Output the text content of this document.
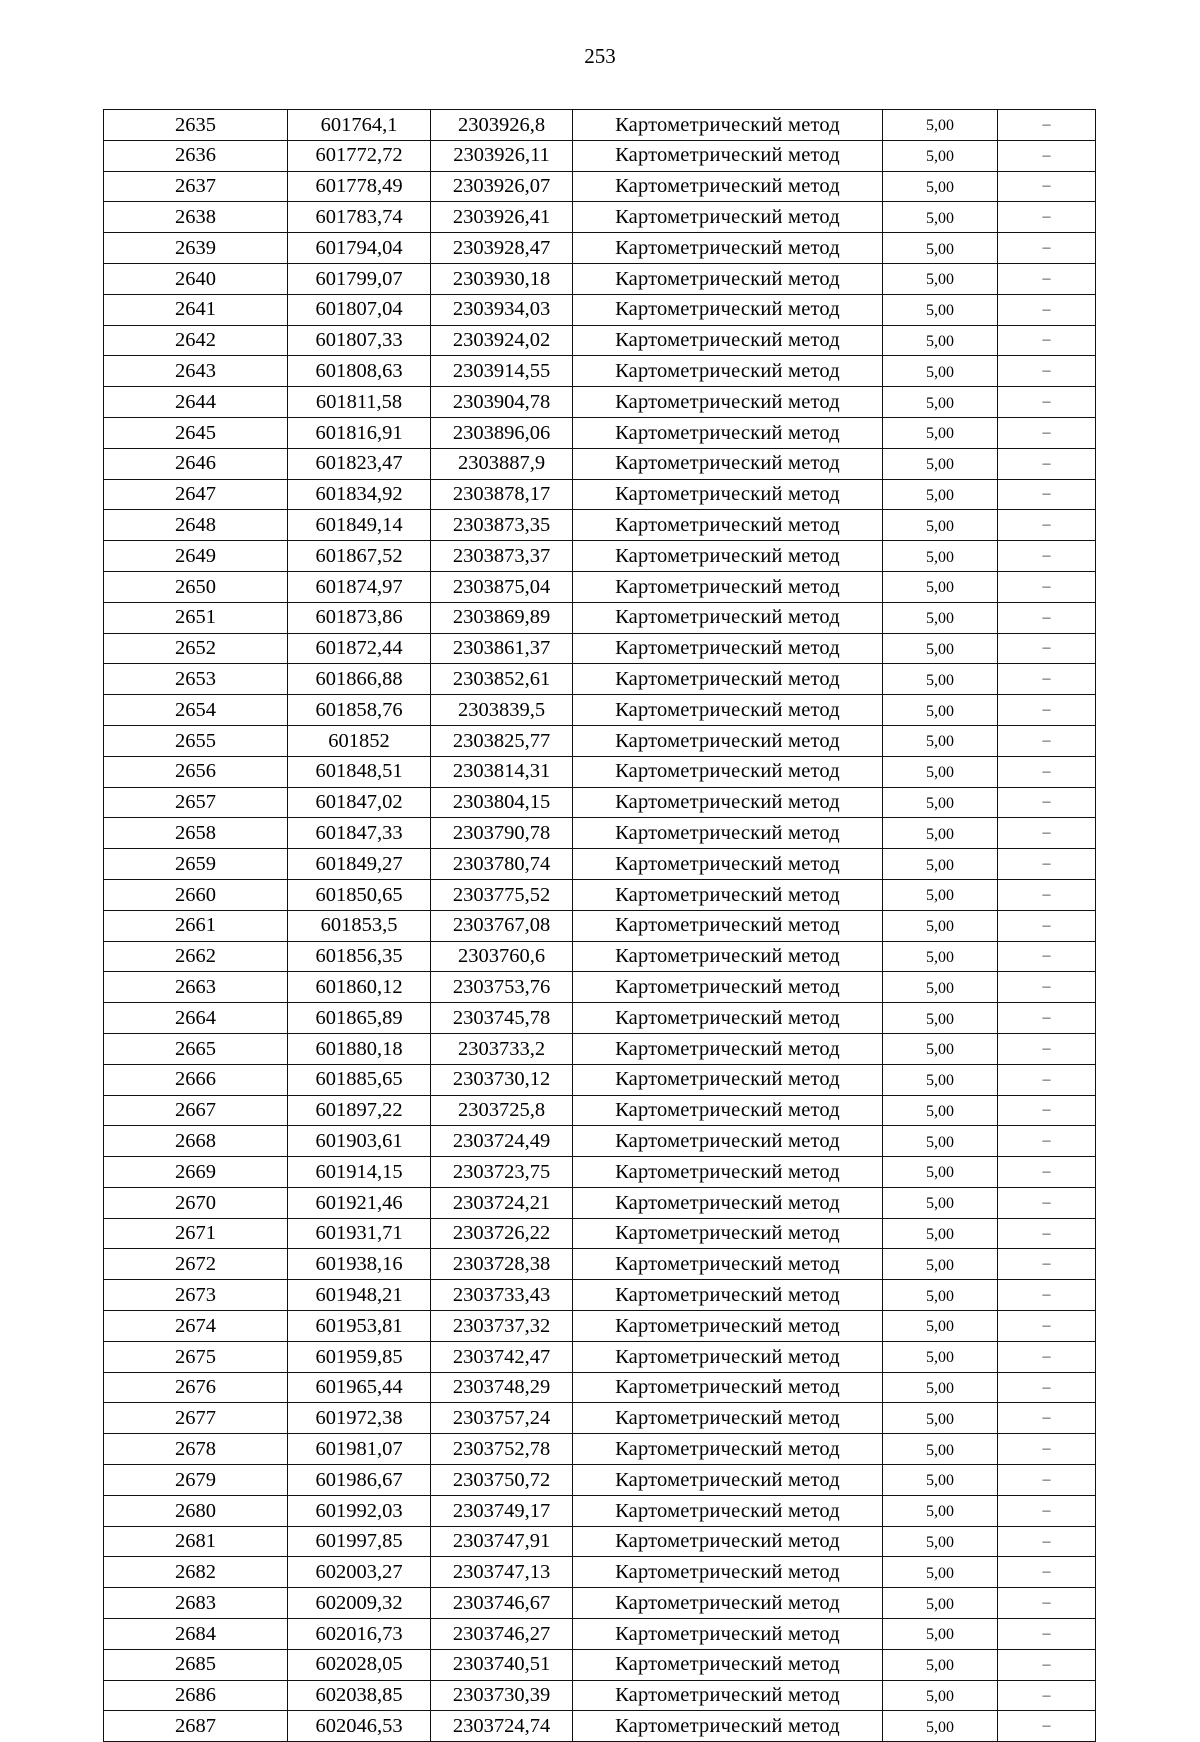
253
2635	601764,1	2303926,8	Картометрический метод	5,00	–
2636	601772,72	2303926,11	Картометрический метод	5,00	–
2637	601778,49	2303926,07	Картометрический метод	5,00	–
2638	601783,74	2303926,41	Картометрический метод	5,00	–
2639	601794,04	2303928,47	Картометрический метод	5,00	–
2640	601799,07	2303930,18	Картометрический метод	5,00	–
2641	601807,04	2303934,03	Картометрический метод	5,00	–
2642	601807,33	2303924,02	Картометрический метод	5,00	–
2643	601808,63	2303914,55	Картометрический метод	5,00	–
2644	601811,58	2303904,78	Картометрический метод	5,00	–
2645	601816,91	2303896,06	Картометрический метод	5,00	–
2646	601823,47	2303887,9	Картометрический метод	5,00	–
2647	601834,92	2303878,17	Картометрический метод	5,00	–
2648	601849,14	2303873,35	Картометрический метод	5,00	–
2649	601867,52	2303873,37	Картометрический метод	5,00	–
2650	601874,97	2303875,04	Картометрический метод	5,00	–
2651	601873,86	2303869,89	Картометрический метод	5,00	–
2652	601872,44	2303861,37	Картометрический метод	5,00	–
2653	601866,88	2303852,61	Картометрический метод	5,00	–
2654	601858,76	2303839,5	Картометрический метод	5,00	–
2655	601852	2303825,77	Картометрический метод	5,00	–
2656	601848,51	2303814,31	Картометрический метод	5,00	–
2657	601847,02	2303804,15	Картометрический метод	5,00	–
2658	601847,33	2303790,78	Картометрический метод	5,00	–
2659	601849,27	2303780,74	Картометрический метод	5,00	–
2660	601850,65	2303775,52	Картометрический метод	5,00	–
2661	601853,5	2303767,08	Картометрический метод	5,00	–
2662	601856,35	2303760,6	Картометрический метод	5,00	–
2663	601860,12	2303753,76	Картометрический метод	5,00	–
2664	601865,89	2303745,78	Картометрический метод	5,00	–
2665	601880,18	2303733,2	Картометрический метод	5,00	–
2666	601885,65	2303730,12	Картометрический метод	5,00	–
2667	601897,22	2303725,8	Картометрический метод	5,00	–
2668	601903,61	2303724,49	Картометрический метод	5,00	–
2669	601914,15	2303723,75	Картометрический метод	5,00	–
2670	601921,46	2303724,21	Картометрический метод	5,00	–
2671	601931,71	2303726,22	Картометрический метод	5,00	–
2672	601938,16	2303728,38	Картометрический метод	5,00	–
2673	601948,21	2303733,43	Картометрический метод	5,00	–
2674	601953,81	2303737,32	Картометрический метод	5,00	–
2675	601959,85	2303742,47	Картометрический метод	5,00	–
2676	601965,44	2303748,29	Картометрический метод	5,00	–
2677	601972,38	2303757,24	Картометрический метод	5,00	–
2678	601981,07	2303752,78	Картометрический метод	5,00	–
2679	601986,67	2303750,72	Картометрический метод	5,00	–
2680	601992,03	2303749,17	Картометрический метод	5,00	–
2681	601997,85	2303747,91	Картометрический метод	5,00	–
2682	602003,27	2303747,13	Картометрический метод	5,00	–
2683	602009,32	2303746,67	Картометрический метод	5,00	–
2684	602016,73	2303746,27	Картометрический метод	5,00	–
2685	602028,05	2303740,51	Картометрический метод	5,00	–
2686	602038,85	2303730,39	Картометрический метод	5,00	–
2687	602046,53	2303724,74	Картометрический метод	5,00	–
